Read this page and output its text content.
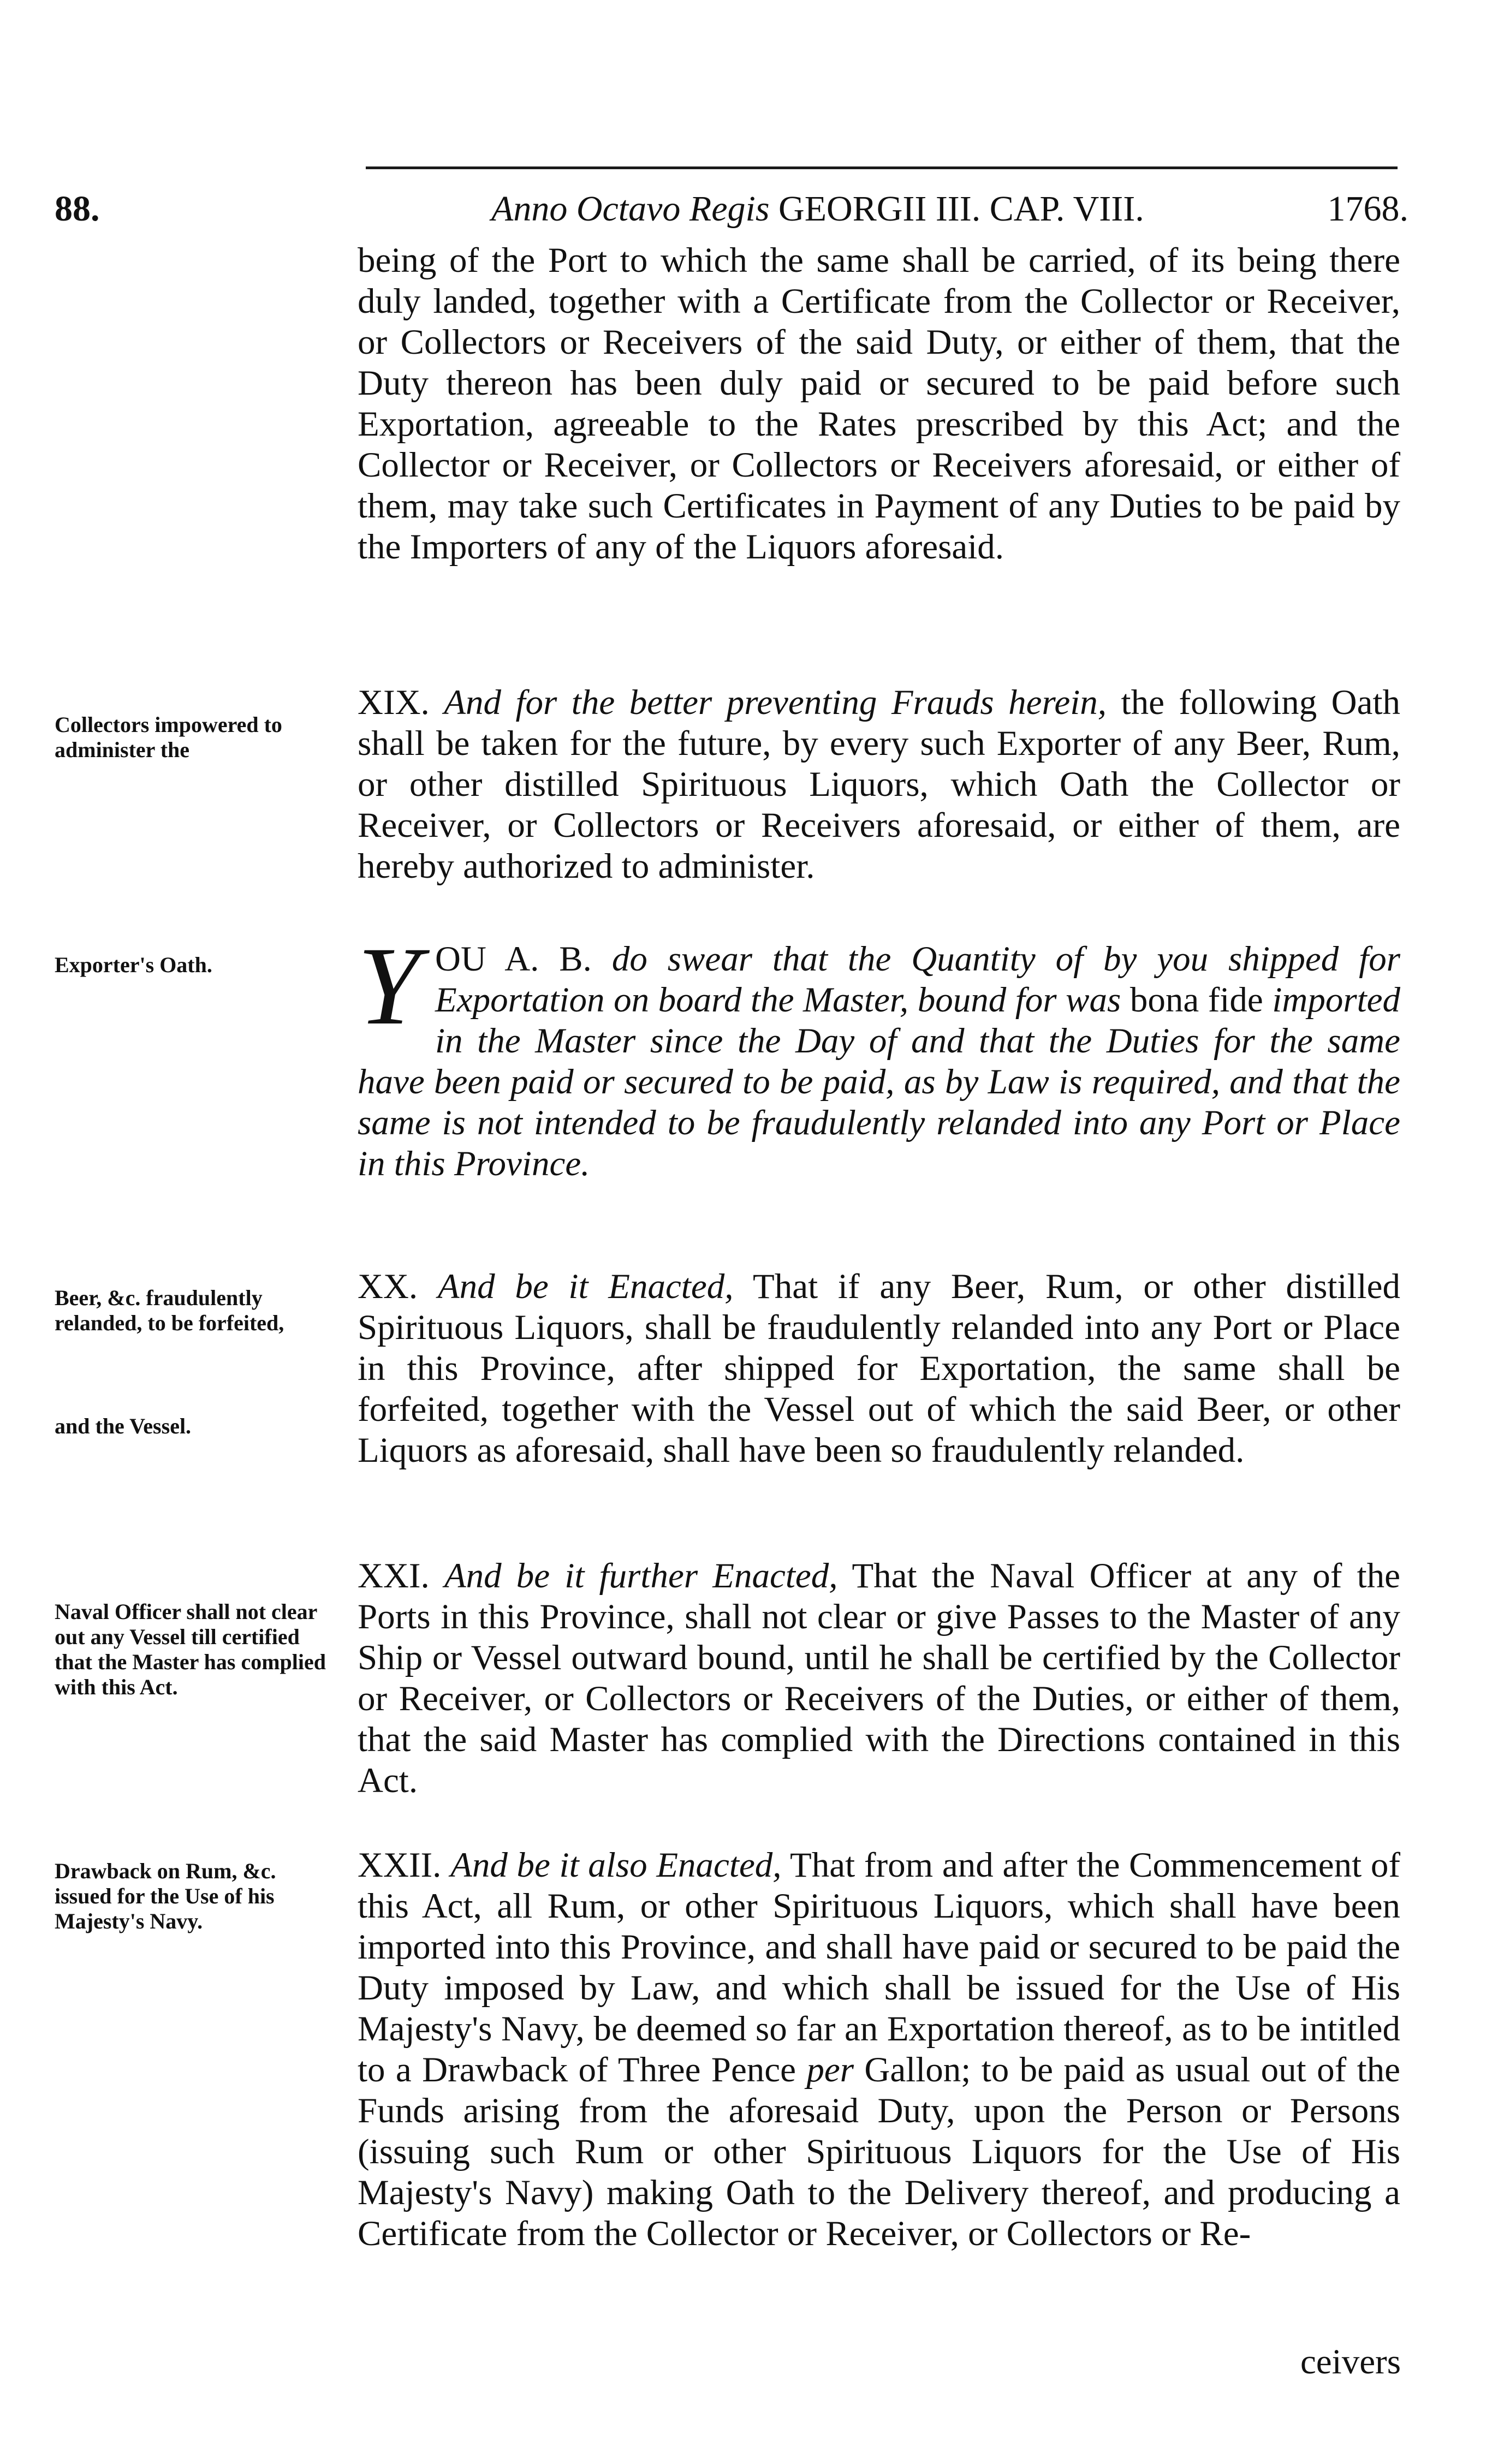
88.	Anno Octavo Regis GEORGII III. CAP. VIII.	1768.

being of the Port to which the same shall be carried, of its being there duly landed, together with a Certificate from the Collector or Receiver, or Collectors or Receivers of the said Duty, or either of them, that the Duty thereon has been duly paid or secured to be paid before such Exportation, agreeable to the Rates prescribed by this Act; and the Collector or Receiver, or Collectors or Receivers aforesaid, or either of them, may take such Certificates in Payment of any Duties to be paid by the Importers of any of the Liquors aforesaid.

XIX. And for the better preventing Frauds herein, the following Oath shall be taken for the future, by every such Exporter of any Beer, Rum, or other distilled Spirituous Liquors, which Oath the Collector or Receiver, or Collectors or Receivers aforesaid, or either of them, are hereby authorized to administer.

Y OU A. B. do swear that the Quantity of by you shipped for Exportation on board the Master, bound for was bona fide imported in the Master since the Day of and that the Duties for the same have been paid or secured to be paid, as by Law is required, and that the same is not intended to be fraudulently relanded into any Port or Place in this Province.

XX. And be it Enacted, That if any Beer, Rum, or other distilled Spirituous Liquors, shall be fraudulently relanded into any Port or Place in this Province, after shipped for Exportation, the same shall be forfeited, together with the Vessel out of which the said Beer, or other Liquors as aforesaid, shall have been so fraudulently relanded.

XXI. And be it further Enacted, That the Naval Officer at any of the Ports in this Province, shall not clear or give Passes to the Master of any Ship or Vessel outward bound, until he shall be certified by the Collector or Receiver, or Collectors or Receivers of the Duties, or either of them, that the said Master has complied with the Directions contained in this Act.

XXII. And be it also Enacted, That from and after the Commencement of this Act, all Rum, or other Spirituous Liquors, which shall have been imported into this Province, and shall have paid or secured to be paid the Duty imposed by Law, and which shall be issued for the Use of His Majesty's Navy, be deemed so far an Exportation thereof, as to be intitled to a Drawback of Three Pence per Gallon; to be paid as usual out of the Funds arising from the aforesaid Duty, upon the Person or Persons (issuing such Rum or other Spirituous Liquors for the Use of His Majesty's Navy) making Oath to the Delivery thereof, and producing a Certificate from the Collector or Receiver, or Collectors or Re-

Collectors impowered to administer the
Exporter's Oath.
Beer, &c. fraudulently relanded, to be forfeited,
and the Vessel.
Naval Officer shall not clear out any Vessel till certified that the Master has complied with this Act.
Drawback on Rum, &c. issued for the Use of his Majesty's Navy.
ceivers
